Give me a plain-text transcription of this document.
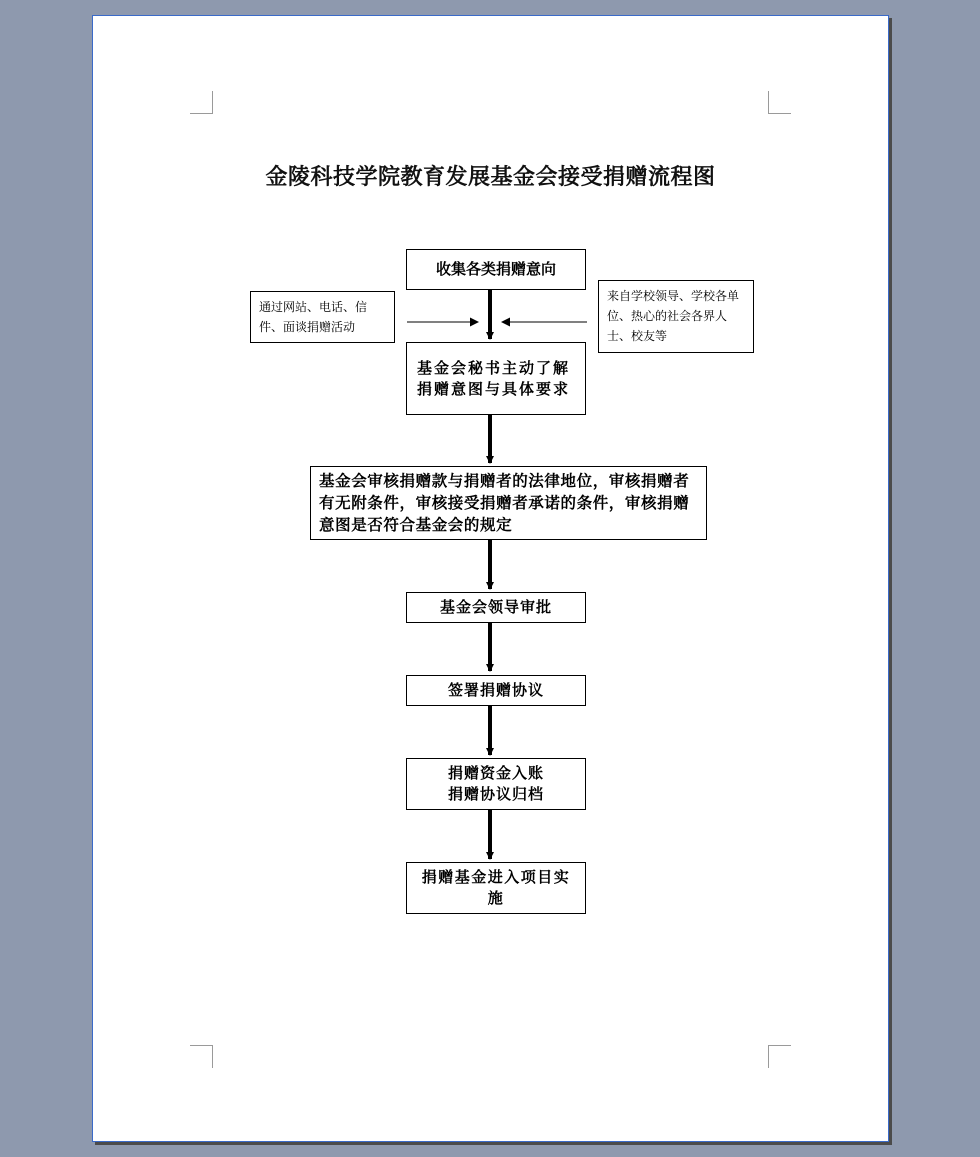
金陵科技学院教育发展基金会接受捐赠流程图
收集各类捐赠意向
通过网站、电话、信件、面谈捐赠活动
来自学校领导、学校各单位、热心的社会各界人士、校友等
基金会秘书主动了解捐赠意图与具体要求
基金会审核捐赠款与捐赠者的法律地位，审核捐赠者有无附条件，审核接受捐赠者承诺的条件，审核捐赠意图是否符合基金会的规定
基金会领导审批
签署捐赠协议
捐赠资金入账
捐赠协议归档
捐赠基金进入项目实施
